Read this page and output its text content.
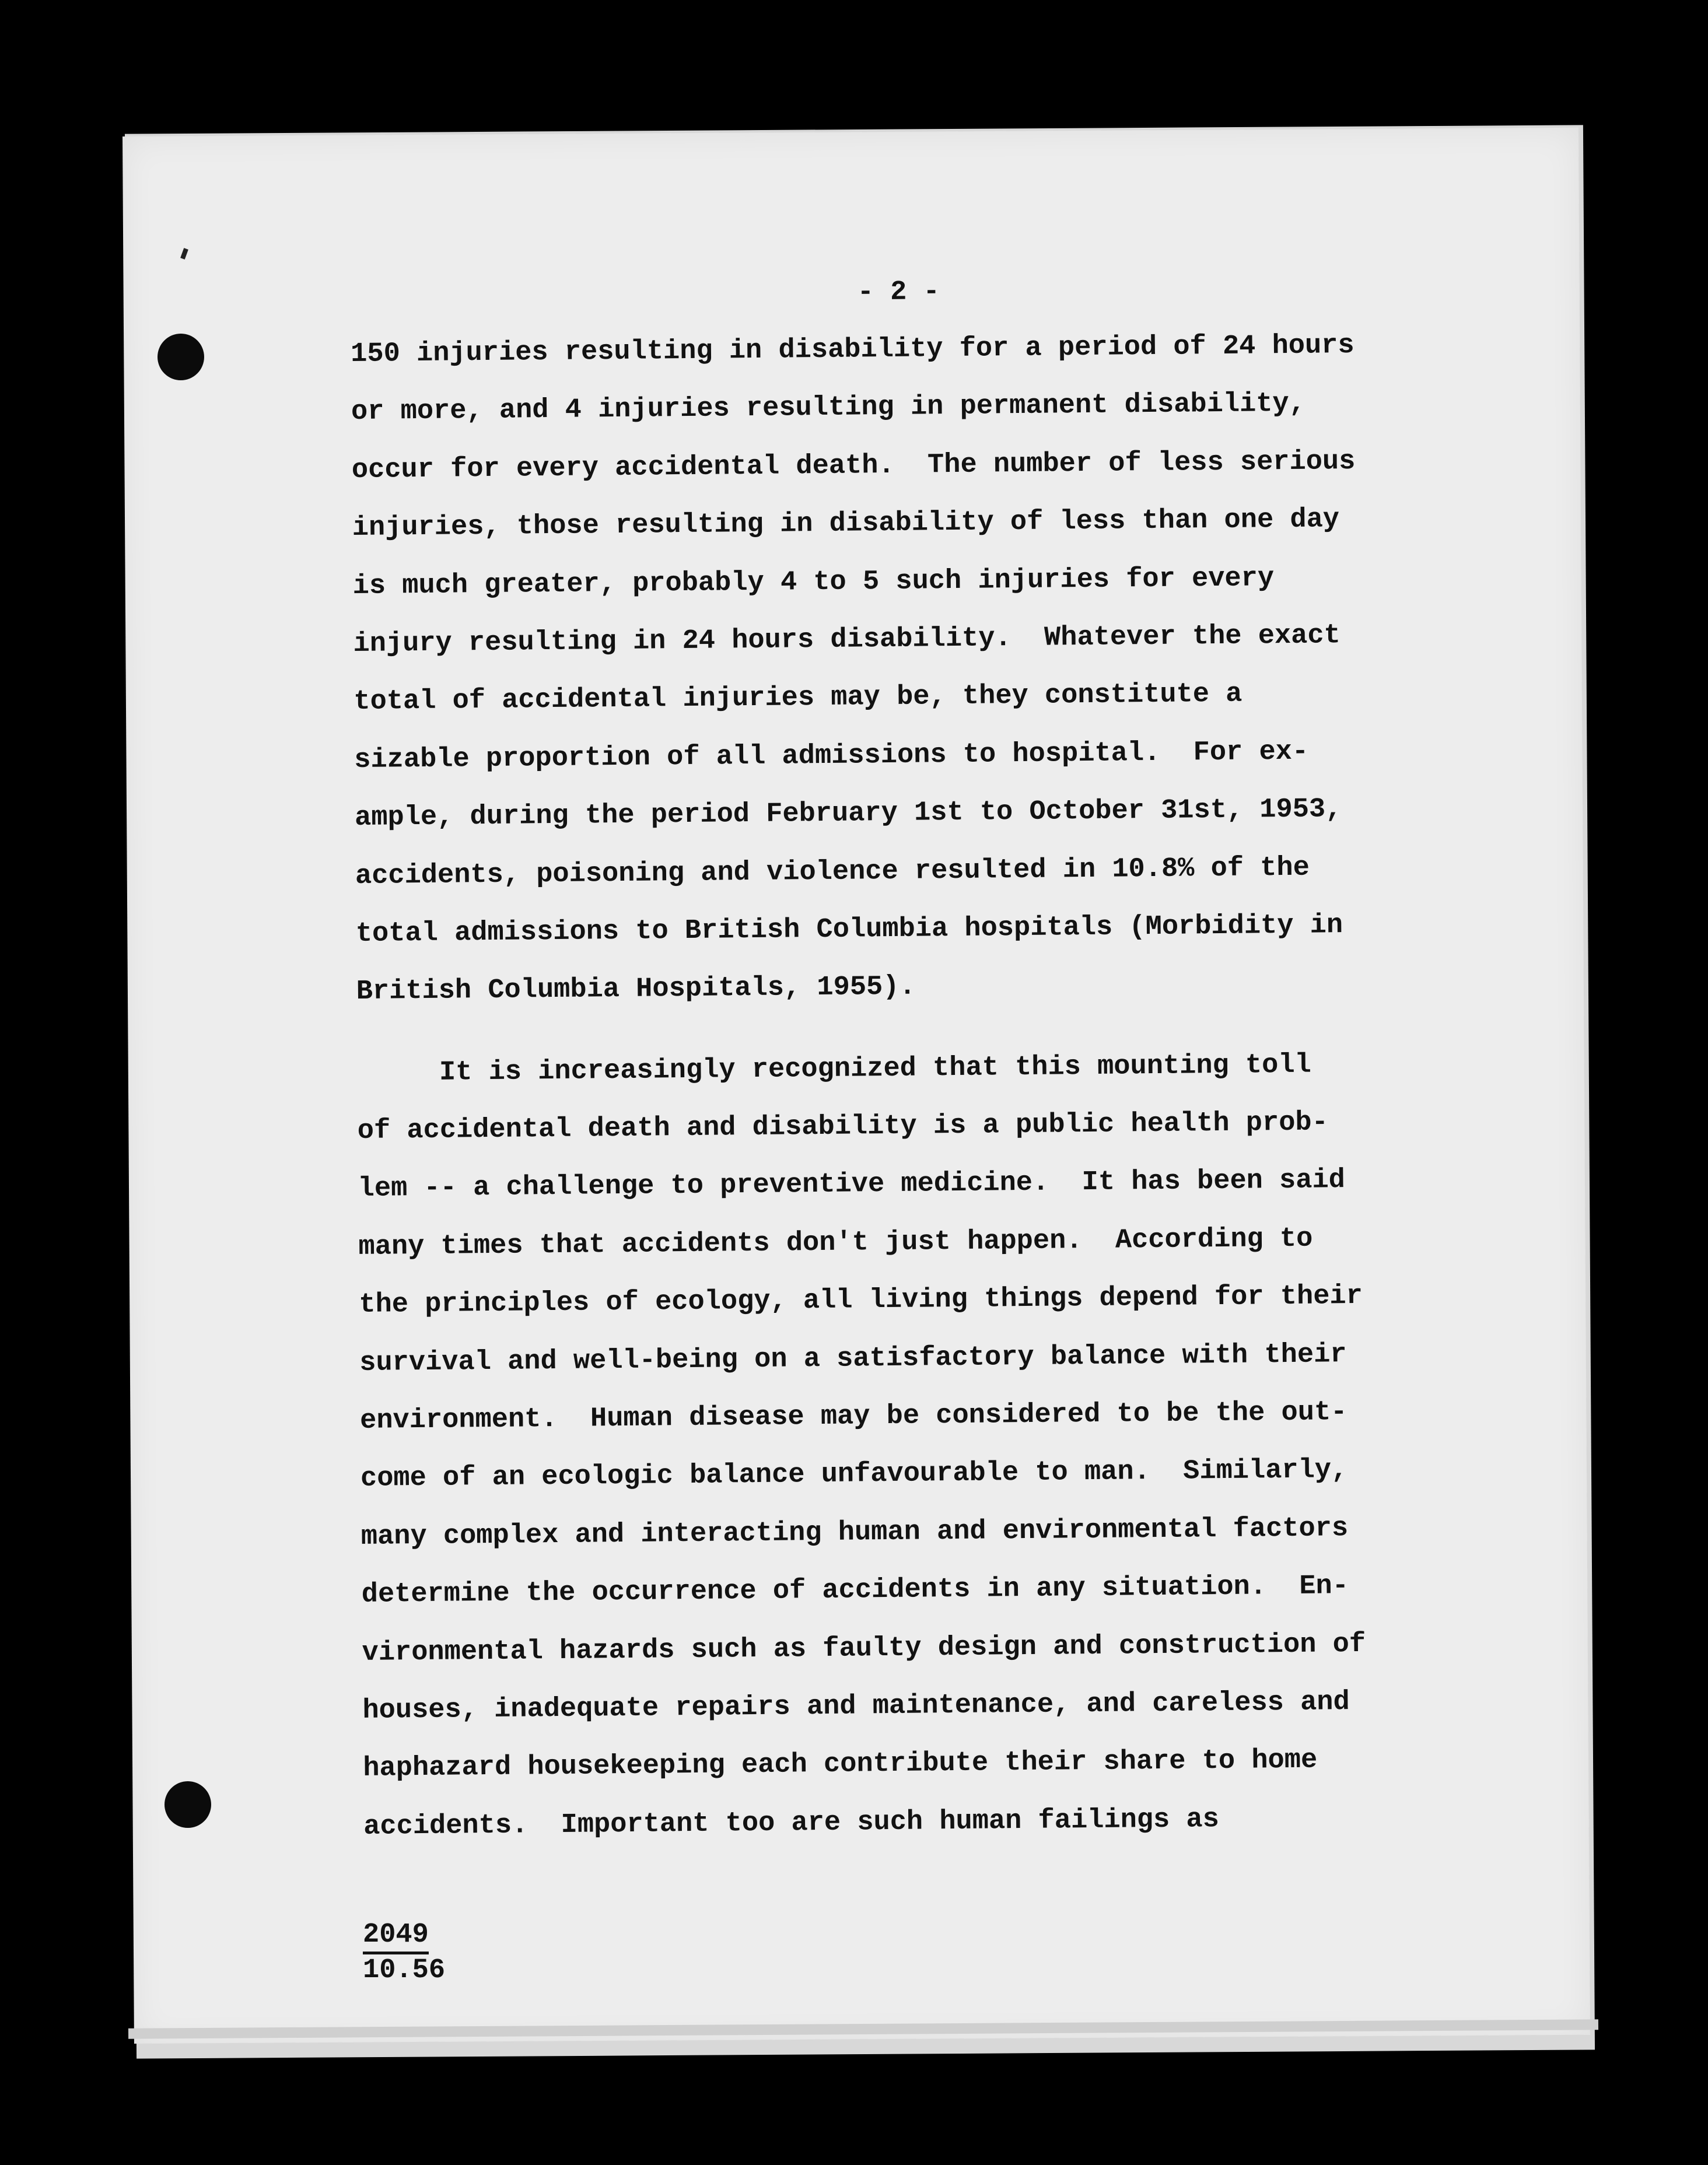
- 2 -
150 injuries resulting in disability for a period of 24 hours
or more, and 4 injuries resulting in permanent disability,
occur for every accidental death.  The number of less serious
injuries, those resulting in disability of less than one day
is much greater, probably 4 to 5 such injuries for every
injury resulting in 24 hours disability.  Whatever the exact
total of accidental injuries may be, they constitute a
sizable proportion of all admissions to hospital.  For ex-
ample, during the period February 1st to October 31st, 1953,
accidents, poisoning and violence resulted in 10.8% of the
total admissions to British Columbia hospitals (Morbidity in
British Columbia Hospitals, 1955).
It is increasingly recognized that this mounting toll
of accidental death and disability is a public health prob-
lem -- a challenge to preventive medicine.  It has been said
many times that accidents don't just happen.  According to
the principles of ecology, all living things depend for their
survival and well-being on a satisfactory balance with their
environment.  Human disease may be considered to be the out-
come of an ecologic balance unfavourable to man.  Similarly,
many complex and interacting human and environmental factors
determine the occurrence of accidents in any situation.  En-
vironmental hazards such as faulty design and construction of
houses, inadequate repairs and maintenance, and careless and
haphazard housekeeping each contribute their share to home
accidents.  Important too are such human failings as
2049
10.56
